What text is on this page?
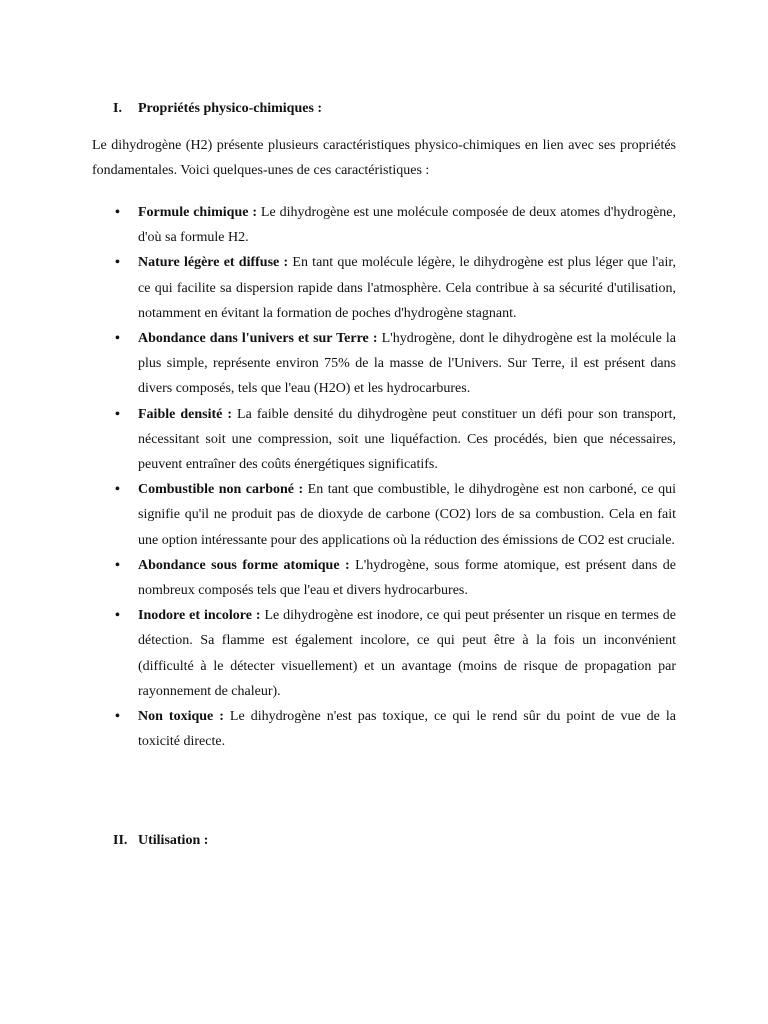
I. Propriétés physico-chimiques :

Le dihydrogène (H2) présente plusieurs caractéristiques physico-chimiques en lien avec ses propriétés fondamentales. Voici quelques-unes de ces caractéristiques :

• Formule chimique : Le dihydrogène est une molécule composée de deux atomes d'hydrogène, d'où sa formule H2.
• Nature légère et diffuse : En tant que molécule légère, le dihydrogène est plus léger que l'air, ce qui facilite sa dispersion rapide dans l'atmosphère. Cela contribue à sa sécurité d'utilisation, notamment en évitant la formation de poches d'hydrogène stagnant.
• Abondance dans l'univers et sur Terre : L'hydrogène, dont le dihydrogène est la molécule la plus simple, représente environ 75% de la masse de l'Univers. Sur Terre, il est présent dans divers composés, tels que l'eau (H2O) et les hydrocarbures.
• Faible densité : La faible densité du dihydrogène peut constituer un défi pour son transport, nécessitant soit une compression, soit une liquéfaction. Ces procédés, bien que nécessaires, peuvent entraîner des coûts énergétiques significatifs.
• Combustible non carboné : En tant que combustible, le dihydrogène est non carboné, ce qui signifie qu'il ne produit pas de dioxyde de carbone (CO2) lors de sa combustion. Cela en fait une option intéressante pour des applications où la réduction des émissions de CO2 est cruciale.
• Abondance sous forme atomique : L'hydrogène, sous forme atomique, est présent dans de nombreux composés tels que l'eau et divers hydrocarbures.
• Inodore et incolore : Le dihydrogène est inodore, ce qui peut présenter un risque en termes de détection. Sa flamme est également incolore, ce qui peut être à la fois un inconvénient (difficulté à le détecter visuellement) et un avantage (moins de risque de propagation par rayonnement de chaleur).
• Non toxique : Le dihydrogène n'est pas toxique, ce qui le rend sûr du point de vue de la toxicité directe.
II. Utilisation :
